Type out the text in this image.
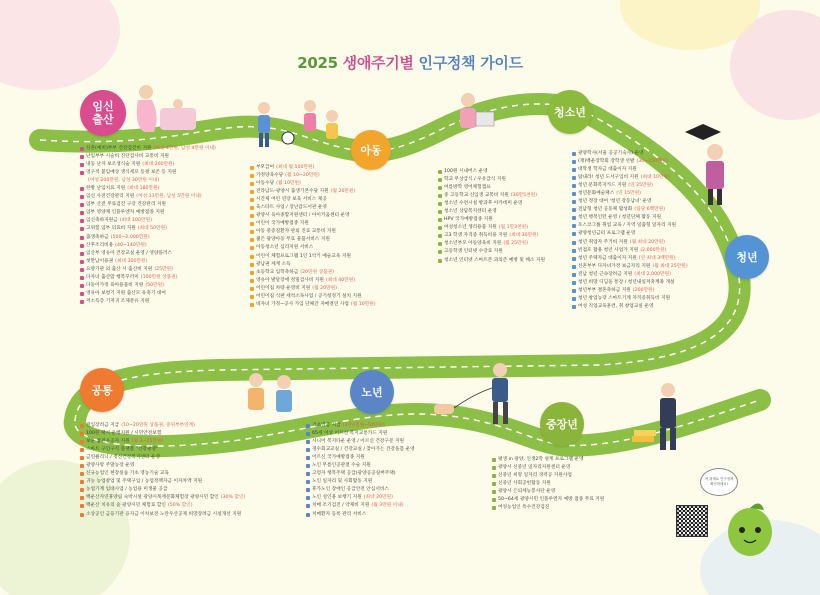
2025 생애주기별 인구정책 가이드
임신
출산
아동
청소년
청년
공통	노년
중장년
저 쥐세요 인구정책 확인하세요!
신혼(예비)부부 건강검진비 지원 (여성 4만원, 남성 4만원 이내)
난임부부 시술비 진단검사비 교통비 지원
냉동 난자 보조생식술 지원 (최대 200만원)
영구적 불임예상 생식세포 동결 보존 등 지원
(여성 200만원, 남성 30만원 이내)
한방 난임치료 지원 (최대 180만원)
임신 사전건강관리 지원 (여성 13만원, 남성 5만원 이내)
임부 산전 무료검진 구강 건강관리 지원
임부 영양제 인플루엔자 예방접종 지원
임신축하지원금 (최대 100만원)
고위험 임부 의료비 지원 (최대 50만원)
출생축하금 (500~2,000만원)
산후조리비용 (40~140만원)
임산부 영유아 건강교실 운영 / 영양플러스
첫만남이용권 (최대 300만원)
요양기관 외 출산 시 출산비 지원 (25만원)
다자녀 출산맘 행복꾸러미 (100만원 상품권)
다둥이가정 육아용품비 지원 (50만원)
영유아 보청기 지원 출산모 유축기 대여
저소득층 기저귀 조제분유 지원
부모급여 (최대 월 100만원)
가정양육수당 (월 10~20만원)
아동수당 (월 10만원)
전라남도-광양시 출생기본수당 지원 (월 20만원)
시간제 어린 연장 보육 서비스 제공
육스타트 사업 / 장난감도서관 운영
광양시 육아종합지원센터 / 아이키움센터 운영
어린이 국가예방접종 지원
아동 중증질환자 관외 진료 교통비 지원
젊은 광양아동 무료 물품서비스 지원
아동청소년 심리지원 서비스
어린이 체험프로그램 1인 1악기 예술교육 지원
광남권 세계 소득
초등학교 입학축하금 (20만원 상품권)
영유아 발달장애 정밀검사비 지원 (최대 40만원)
어린이집 차량 운영비 지원 (월 20만원)
어린이집 식판 세척소독사업 / 공기청정기 설치 지원
네자녀 가정~공사 가입 단체간 자매결연 사업 (월 10만원)
100원 시내버스 운영
학교 무상급식 / 우유급식 지원
여름방학 영어체험캠프
중 고등학교 신입생 교복비 지원 (30만5천원)
청소년 수련시설 방과후 아카데미 운영
청소년 상담복지센터 운영
HPV 국가예방접종 지원
여성청소년 생리용품 지원 (월 1만3천원)
고3 학생 자격증 취득비용 지원 (최대 30만원)
청소년부모 아동양육비 지원 (월 25만원)
고등학생 인터넷 수강료 지원
청소년 인터넷 스마트폰 과의존 예방 및 해소 지원
광양학사(서울 공공기숙사) 운영
(재)백운장학회 장학생 선발 (30~250만원)
대학생 학자금 대출이자 지원
탐내라! 청년 도서구입비 지원 (최대 10만원)
청년 문화복지카드 지원 (연 25만원)
청년문화예술패스 (연 15만원)
청년 정장 대여 '청년 강동남녀' 운영
전남형 청년 공동체 활성화 (팀당 6백만원)
청년 행복인턴 운영 / 청년단체 활동 지원
포스코그룹 취업 교육 / 지역 일출형 일자리 지원
광양청년금터 프로그램 운영
청년 취업자 주거비 지원 (월 최대 20만원)
빈점포 활용 청년 사업가 지원 (2,000만원)
청년 주택자금 대출이자 지원 (연 최대 3백만원)
신혼부부 다자녀가정 보금자리 지원 (월 최대 25만원)
전남 청년 근속장려금 지원 (최대 2,000만원)
청년 희망 디딤돌 통장 / 청년내일저축계좌 개설
청년부부 결혼축하금 지원 (200만원)
청년 창업농장 스마트기계 자격증취득비 지원
여성 직업교육훈련, 취 창업교실 운영
전입장려금 지급 (10~20만원 상품권, 중위부부연계)
100원 택시 운행지원 / 시민안전보험
보훈 참전유공자 지원 (월 3~15만원)
스마트 구인구직 플랫폼 "건강광양"
금연클리닉 / 정신건강복지센터 운영
광양사랑 주말농장 운영
신규농업인 현장실습 기초 영농기술 교육
귀농 농업창업 및 주택구입 / 농업정책자금 이자차액 지원
농업기계 임대사업 / 농업용 미생물 공급
백운산자연휴양림 숙박시설 광양시목재문화체험장 광양시민 할인 (30% 할인)
백운산 치유의 숲 광양시민 체험료 할인 (50% 할인)
소상공인 금융기관 융자금 이차보전 노란우산공제 희망장려금 시설개선 지원
기초연금 지급 (3만4천원~54만원)
65세 이상 어르신 복지교통카드 지원
시니어 복지타운 운영 / 어르신 건강구문 지원
경수회교교실 / 건강교실 / 찾아가는 건강돌봄 운영
어르신 국가예방접종 지원
노인 무릎인공관절 수술 지원
고령자 행복주택 공급(광양공공실버주택)
노인 일자리 및 사회활동 지원
휴가노인 장애인 응급안전 안심서비스
노인 성인용 보행기 지원 (최대 20만원)
치매 조기검진 / 약제비 지원 (월 3만원 이내)
치매환자 등록 관리 서비스
평생 in 광양, 인생2막 설계 프로그램 운영
광양시 신중년 일자리지원센터 운영
신중년 희망 일자리 경력공 지원사업
신중년 사회공헌활동 지원
광양시 은퇴세능봉사단 운영
50~64세 광양시민 인플루엔자 예방 접종 무료 지원
여성농업인 특수건강검진
